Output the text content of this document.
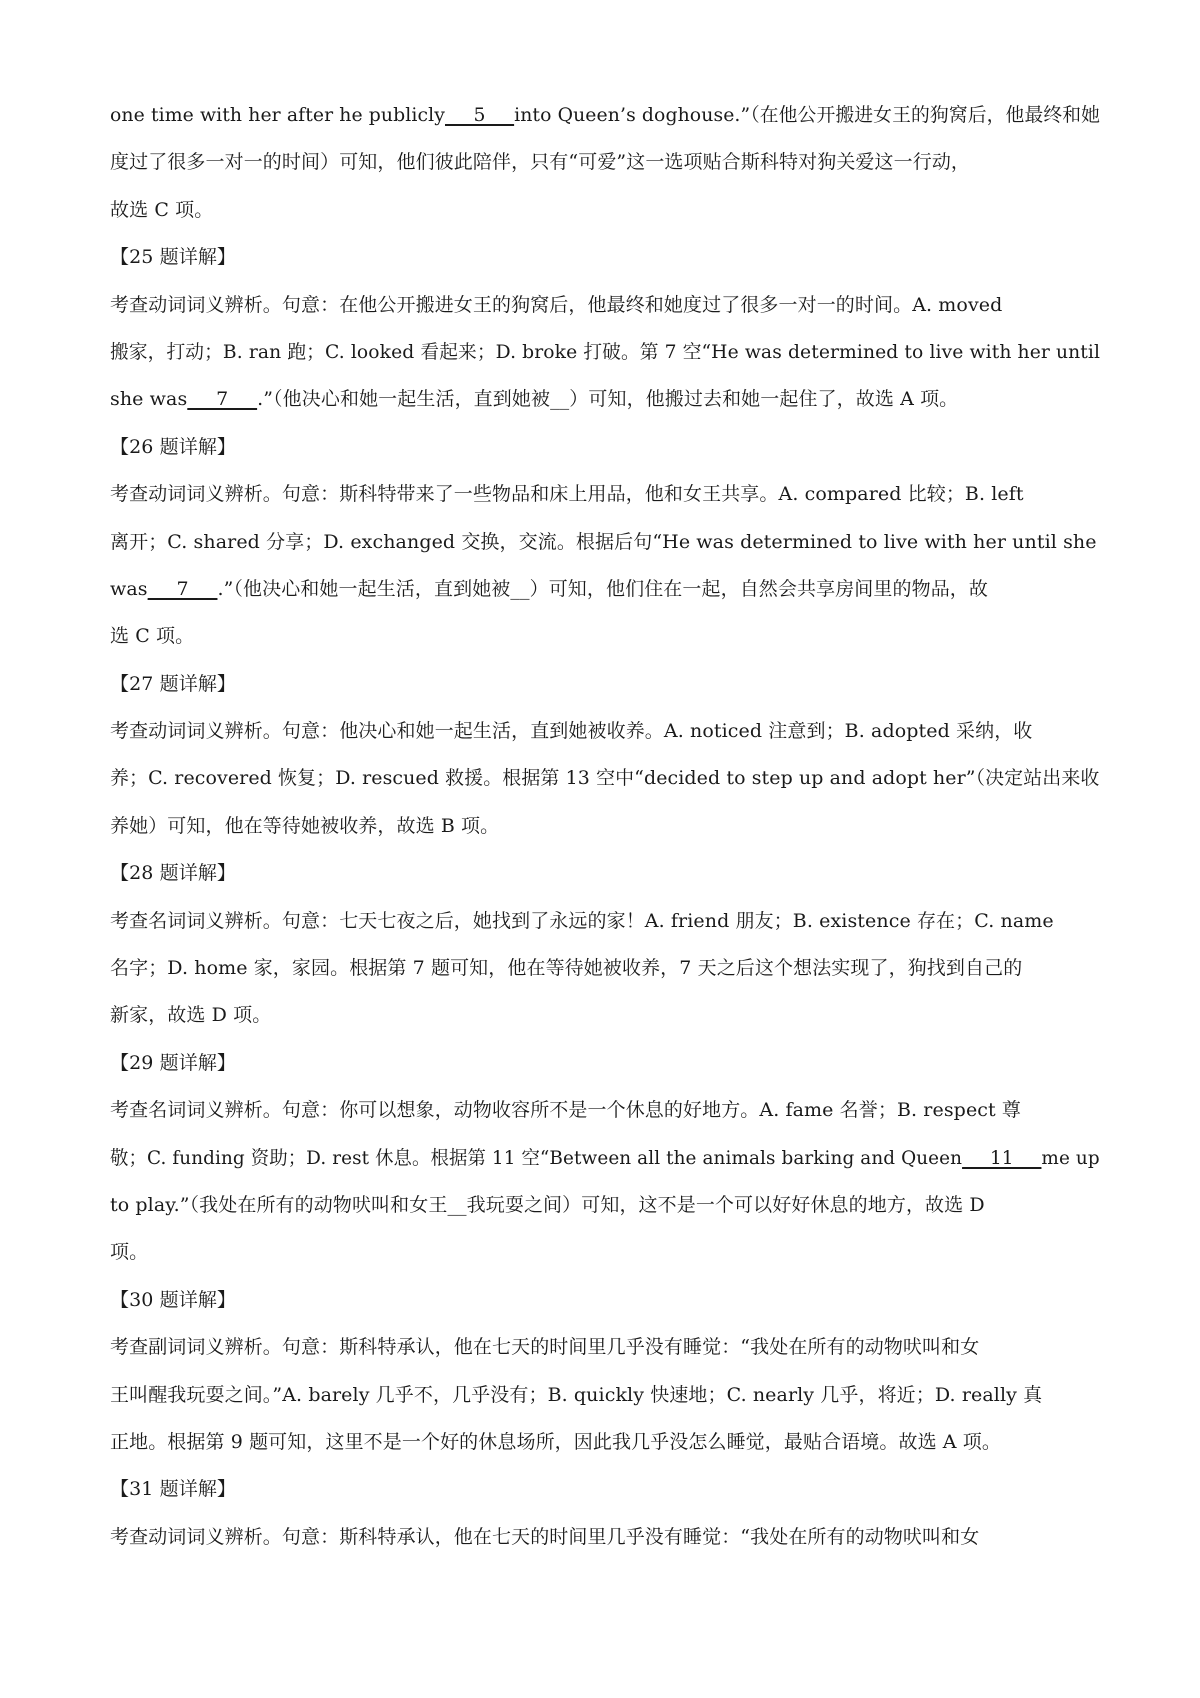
one time with her after he publicly___5___into Queen’s doghouse.”（在他公开搬进女王的狗窝后，他最终和她
度过了很多一对一的时间）可知，他们彼此陪伴，只有“可爱”这一选项贴合斯科特对狗关爱这一行动，
故选 C 项。
【25 题详解】
考查动词词义辨析。句意：在他公开搬进女王的狗窝后，他最终和她度过了很多一对一的时间。A. moved
搬家，打动；B. ran 跑；C. looked 看起来；D. broke 打破。第 7 空“He was determined to live with her until
she was___7___.”（他决心和她一起生活，直到她被__）可知，他搬过去和她一起住了，故选 A 项。
【26 题详解】
考查动词词义辨析。句意：斯科特带来了一些物品和床上用品，他和女王共享。A. compared 比较；B. left
离开；C. shared 分享；D. exchanged 交换，交流。根据后句“He was determined to live with her until she
was___7___.”（他决心和她一起生活，直到她被__）可知，他们住在一起，自然会共享房间里的物品，故
选 C 项。
【27 题详解】
考查动词词义辨析。句意：他决心和她一起生活，直到她被收养。A. noticed 注意到；B. adopted 采纳，收
养；C. recovered 恢复；D. rescued 救援。根据第 13 空中“decided to step up and adopt her”（决定站出来收
养她）可知，他在等待她被收养，故选 B 项。
【28 题详解】
考查名词词义辨析。句意：七天七夜之后，她找到了永远的家！A. friend 朋友；B. existence 存在；C. name
名字；D. home 家，家园。根据第 7 题可知，他在等待她被收养，7 天之后这个想法实现了，狗找到自己的
新家，故选 D 项。
【29 题详解】
考查名词词义辨析。句意：你可以想象，动物收容所不是一个休息的好地方。A. fame 名誉；B. respect 尊
敬；C. funding 资助；D. rest 休息。根据第 11 空“Between all the animals barking and Queen___11___me up
to play.”（我处在所有的动物吠叫和女王__我玩耍之间）可知，这不是一个可以好好休息的地方，故选 D
项。
【30 题详解】
考查副词词义辨析。句意：斯科特承认，他在七天的时间里几乎没有睡觉：“我处在所有的动物吠叫和女
王叫醒我玩耍之间。”A. barely 几乎不，几乎没有；B. quickly 快速地；C. nearly 几乎，将近；D. really 真
正地。根据第 9 题可知，这里不是一个好的休息场所，因此我几乎没怎么睡觉，最贴合语境。故选 A 项。
【31 题详解】
考查动词词义辨析。句意：斯科特承认，他在七天的时间里几乎没有睡觉：“我处在所有的动物吠叫和女
